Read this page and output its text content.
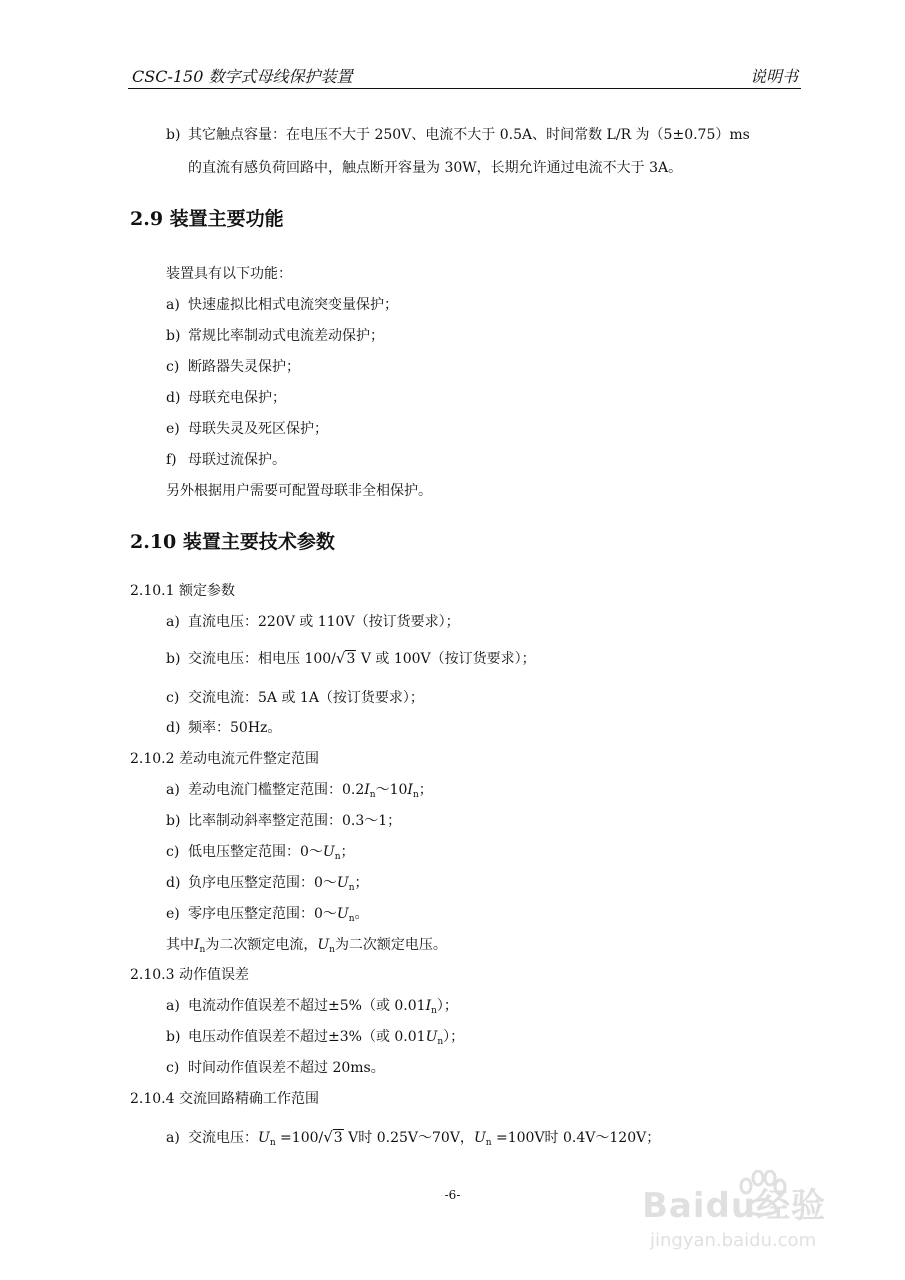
CSC-150 数字式母线保护装置	说明书
b) 其它触点容量：在电压不大于 250V、电流不大于 0.5A、时间常数 L/R 为（5±0.75）ms
的直流有感负荷回路中，触点断开容量为 30W，长期允许通过电流不大于 3A。
2.9 装置主要功能
装置具有以下功能：
a) 快速虚拟比相式电流突变量保护；
b) 常规比率制动式电流差动保护；
c) 断路器失灵保护；
d) 母联充电保护；
e) 母联失灵及死区保护；
f) 母联过流保护。
另外根据用户需要可配置母联非全相保护。
2.10 装置主要技术参数
2.10.1 额定参数
a) 直流电压：220V 或 110V（按订货要求）；
b) 交流电压：相电压 100/√3 V 或 100V（按订货要求）；
c) 交流电流：5A 或 1A（按订货要求）；
d) 频率：50Hz。
2.10.2 差动电流元件整定范围
a) 差动电流门槛整定范围：$0.2I_n\sim 10I_n$；
b) 比率制动斜率整定范围：0.3～1；
c) 低电压整定范围：$0\sim U_n$；
d) 负序电压整定范围：$0\sim U_n$；
e) 零序电压整定范围：$0\sim U_n$。
其中$I_n$为二次额定电流，$U_n$为二次额定电压。
2.10.3 动作值误差
a) 电流动作值误差不超过±5%（或 $0.01I_n$）；
b) 电压动作值误差不超过±3%（或 $0.01U_n$）；
c) 时间动作值误差不超过 20ms。
2.10.4 交流回路精确工作范围
a) 交流电压：$U_n =100/√3$ V时 0.25V～70V，$U_n =100V$时 0.4V～120V；
-6-	Baidu经验
jingyan.baidu.com
